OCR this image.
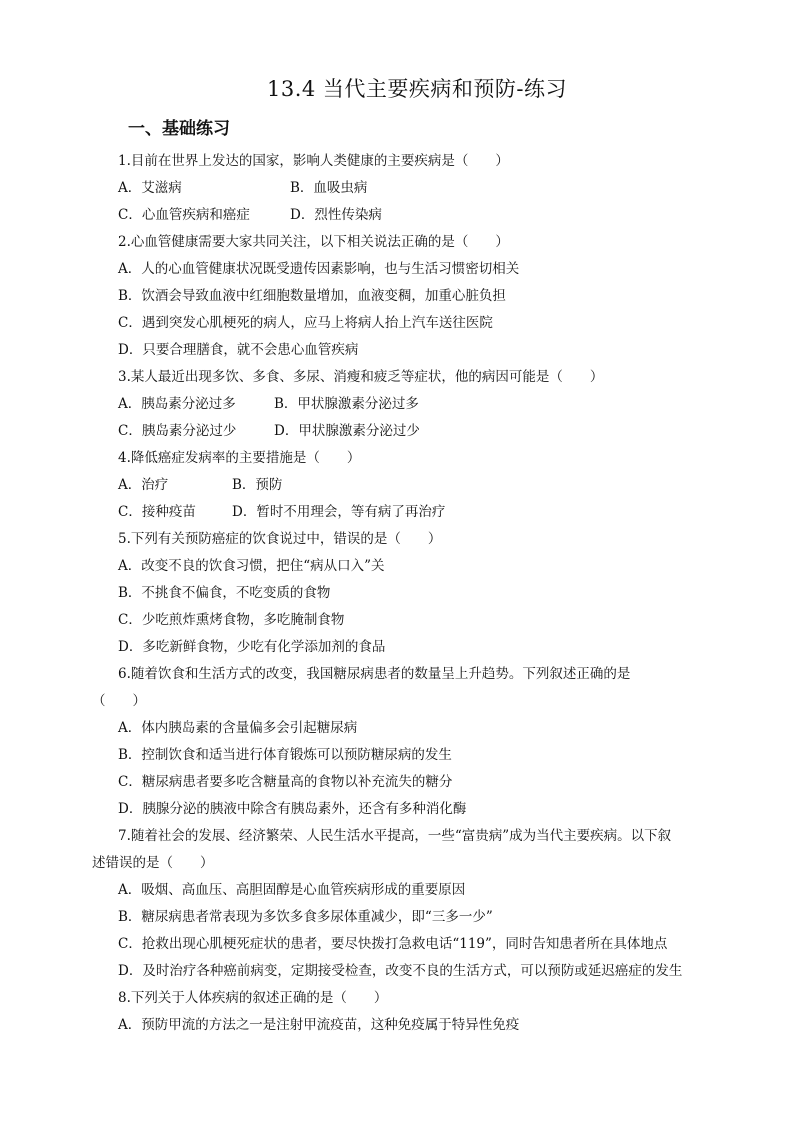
13.4 当代主要疾病和预防-练习
一、基础练习
1.目前在世界上发达的国家，影响人类健康的主要疾病是（　　）
A．艾滋病	B．血吸虫病
C．心血管疾病和癌症	D．烈性传染病
2.心血管健康需要大家共同关注，以下相关说法正确的是（　　）
A．人的心血管健康状况既受遗传因素影响，也与生活习惯密切相关
B．饮酒会导致血液中红细胞数量增加，血液变稠，加重心脏负担
C．遇到突发心肌梗死的病人，应马上将病人抬上汽车送往医院
D．只要合理膳食，就不会患心血管疾病
3.某人最近出现多饮、多食、多尿、消瘦和疲乏等症状，他的病因可能是（　　）
A．胰岛素分泌过多	B．甲状腺激素分泌过多
C．胰岛素分泌过少	D．甲状腺激素分泌过少
4.降低癌症发病率的主要措施是（　　）
A．治疗	B．预防
C．接种疫苗	D．暂时不用理会，等有病了再治疗
5.下列有关预防癌症的饮食说过中，错误的是（　　）
A．改变不良的饮食习惯，把住“病从口入”关
B．不挑食不偏食，不吃变质的食物
C．少吃煎炸熏烤食物，多吃腌制食物
D．多吃新鲜食物，少吃有化学添加剂的食品
6.随着饮食和生活方式的改变，我国糖尿病患者的数量呈上升趋势。下列叙述正确的是
（　　）
A．体内胰岛素的含量偏多会引起糖尿病
B．控制饮食和适当进行体育锻炼可以预防糖尿病的发生
C．糖尿病患者要多吃含糖量高的食物以补充流失的糖分
D．胰腺分泌的胰液中除含有胰岛素外，还含有多种消化酶
7.随着社会的发展、经济繁荣、人民生活水平提高，一些“富贵病”成为当代主要疾病。以下叙
述错误的是（　　）
A．吸烟、高血压、高胆固醇是心血管疾病形成的重要原因
B．糖尿病患者常表现为多饮多食多尿体重减少，即“三多一少”
C．抢救出现心肌梗死症状的患者，要尽快拨打急救电话“119”，同时告知患者所在具体地点
D．及时治疗各种癌前病变，定期接受检查，改变不良的生活方式，可以预防或延迟癌症的发生
8.下列关于人体疾病的叙述正确的是（　　）
A．预防甲流的方法之一是注射甲流疫苗，这种免疫属于特异性免疫
